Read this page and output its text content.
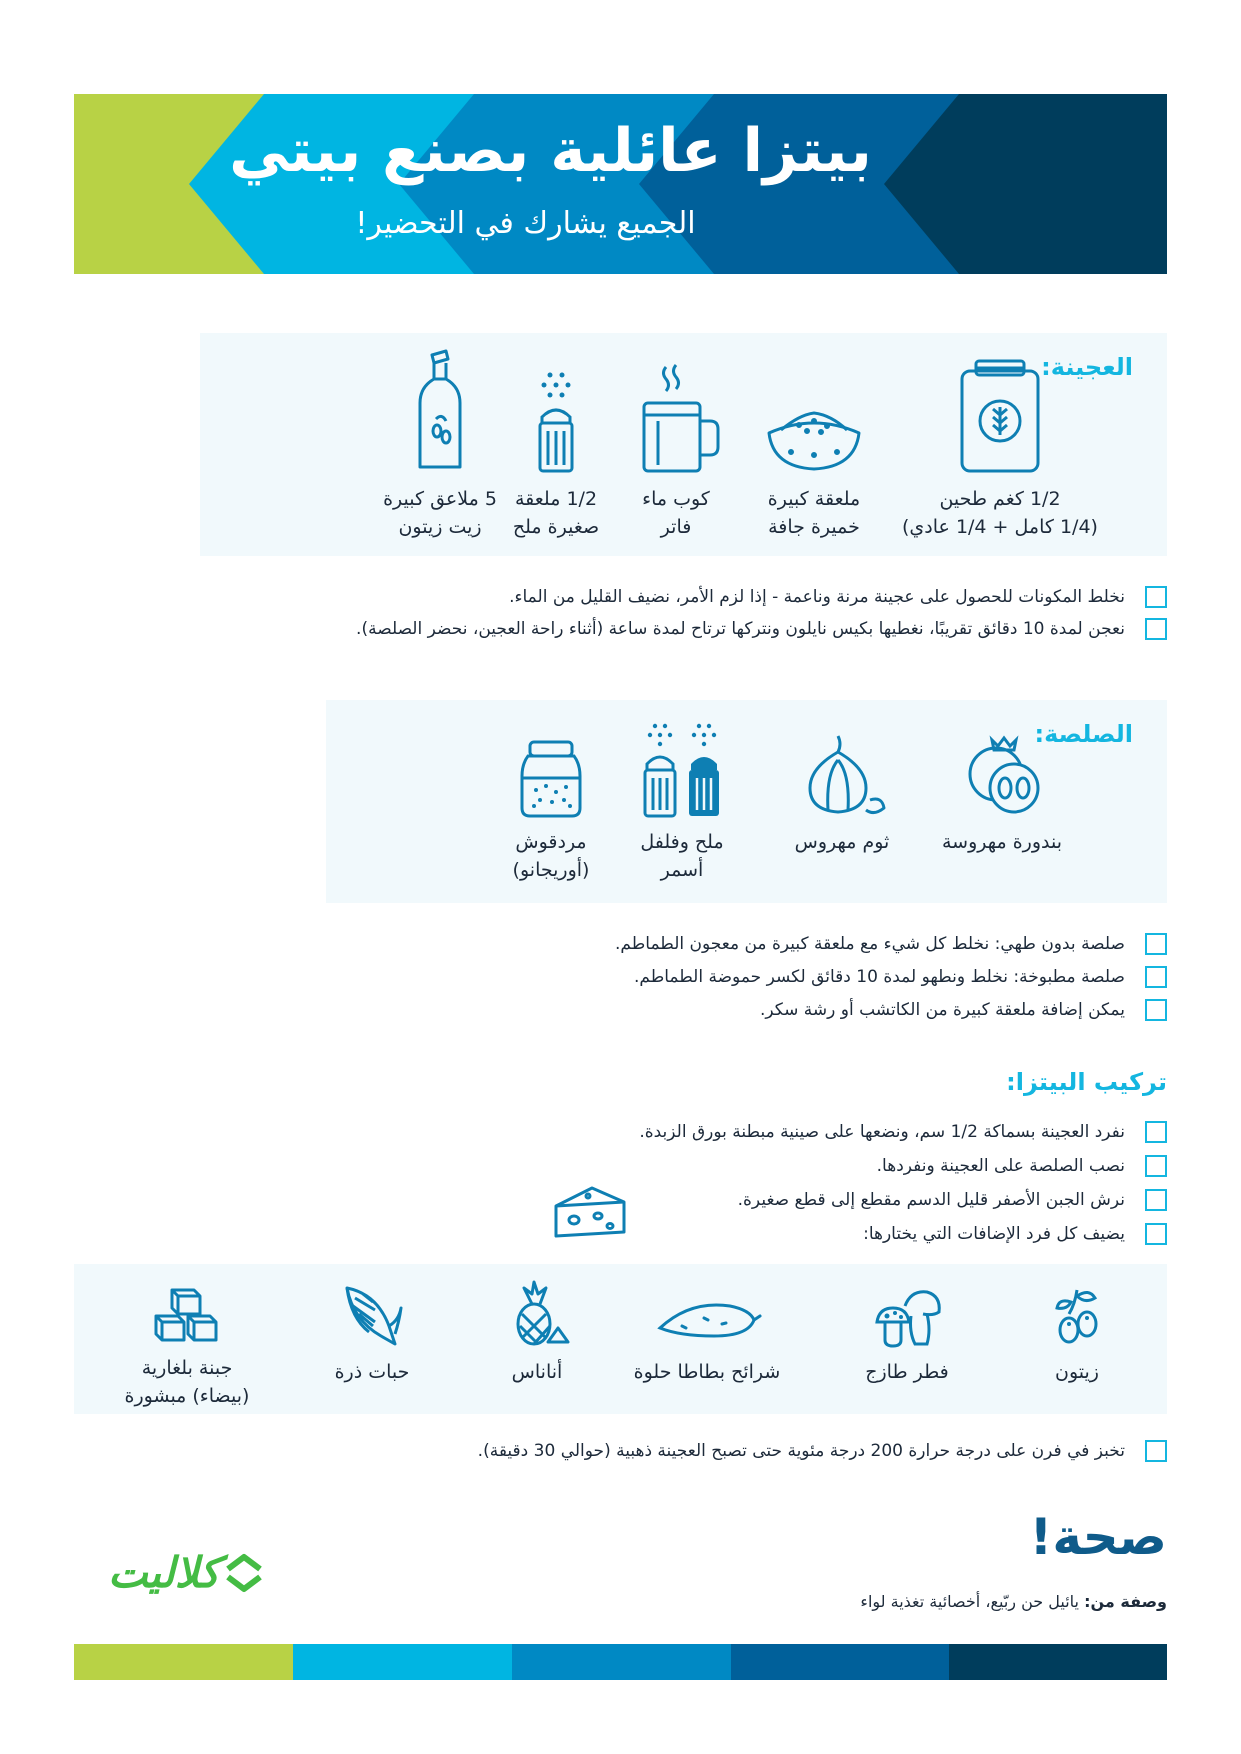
بيتزا عائلية بصنع بيتي
الجميع يشارك في التحضير!
العجينة:
1/2 كغم طحين
(1/4 كامل + 1/4 عادي)
ملعقة كبيرة
خميرة جافة
كوب ماء
فاتر
1/2 ملعقة
صغيرة ملح
5 ملاعق كبيرة
زيت زيتون
نخلط المكونات للحصول على عجينة مرنة وناعمة - إذا لزم الأمر، نضيف القليل من الماء.
نعجن لمدة 10 دقائق تقريبًا، نغطيها بكيس نايلون ونتركها ترتاح لمدة ساعة (أثناء راحة العجين، نحضر الصلصة).
الصلصة:
بندورة مهروسة
ثوم مهروس
ملح وفلفل
أسمر
مردقوش
(أوريجانو)
صلصة بدون طهي: نخلط كل شيء مع ملعقة كبيرة من معجون الطماطم.
صلصة مطبوخة: نخلط ونطهو لمدة 10 دقائق لكسر حموضة الطماطم.
يمكن إضافة ملعقة كبيرة من الكاتشب أو رشة سكر.
تركيب البيتزا:
نفرد العجينة بسماكة 1/2 سم، ونضعها على صينية مبطنة بورق الزبدة.
نصب الصلصة على العجينة ونفردها.
نرش الجبن الأصفر قليل الدسم مقطع إلى قطع صغيرة.
يضيف كل فرد الإضافات التي يختارها:
زيتون
فطر طازج
شرائح بطاطا حلوة
أناناس
حبات ذرة
جبنة بلغارية
(بيضاء) مبشورة
تخبز في فرن على درجة حرارة 200 درجة مئوية حتى تصبح العجينة ذهبية (حوالي 30 دقيقة).
صحة!
وصفة من: يائيل حن ربّيع، أخصائية تغذية لواء
كلاليت
